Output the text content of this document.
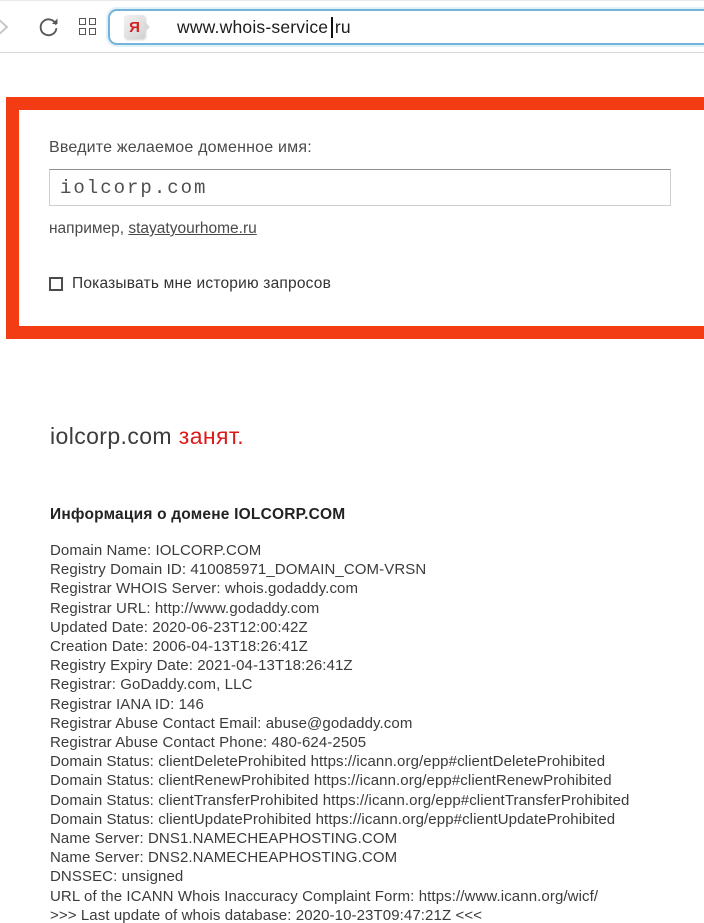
Я www.whois-service ru
Введите желаемое доменное имя:
iolcorp.com
например, stayatyourhome.ru
Показывать мне историю запросов
iolcorp.com занят.
Информация о домене IOLCORP.COM
Domain Name: IOLCORP.COM
Registry Domain ID: 410085971_DOMAIN_COM-VRSN
Registrar WHOIS Server: whois.godaddy.com
Registrar URL: http://www.godaddy.com
Updated Date: 2020-06-23T12:00:42Z
Creation Date: 2006-04-13T18:26:41Z
Registry Expiry Date: 2021-04-13T18:26:41Z
Registrar: GoDaddy.com, LLC
Registrar IANA ID: 146
Registrar Abuse Contact Email: abuse@godaddy.com
Registrar Abuse Contact Phone: 480-624-2505
Domain Status: clientDeleteProhibited https://icann.org/epp#clientDeleteProhibited
Domain Status: clientRenewProhibited https://icann.org/epp#clientRenewProhibited
Domain Status: clientTransferProhibited https://icann.org/epp#clientTransferProhibited
Domain Status: clientUpdateProhibited https://icann.org/epp#clientUpdateProhibited
Name Server: DNS1.NAMECHEAPHOSTING.COM
Name Server: DNS2.NAMECHEAPHOSTING.COM
DNSSEC: unsigned
URL of the ICANN Whois Inaccuracy Complaint Form: https://www.icann.org/wicf/
>>> Last update of whois database: 2020-10-23T09:47:21Z <<<
